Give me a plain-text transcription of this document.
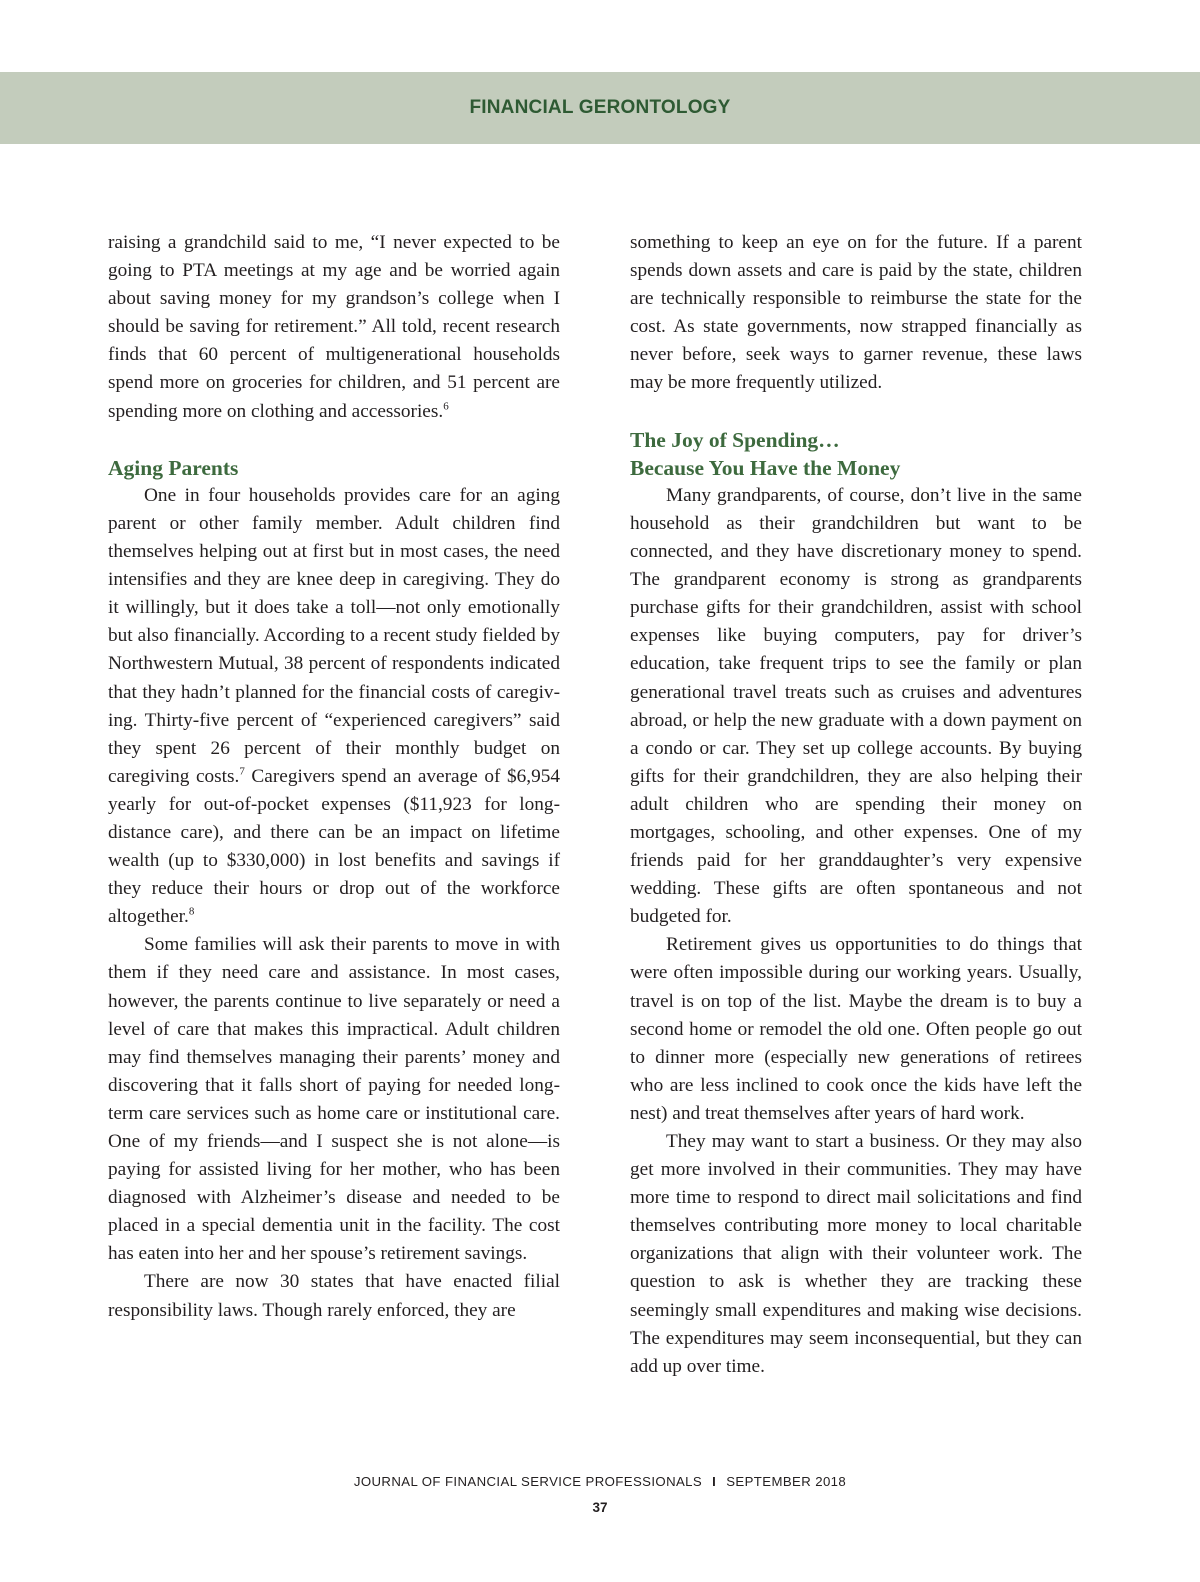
FINANCIAL GERONTOLOGY

raising a grandchild said to me, “I never expected to be going to PTA meetings at my age and be worried again about saving money for my grandson’s college when I should be saving for retirement.” All told, recent research finds that 60 percent of multigenerational households spend more on groceries for children, and 51 percent are spending more on clothing and accessories.$^6$

Aging Parents

One in four households provides care for an aging parent or other family member. Adult children find themselves helping out at first but in most cases, the need intensifies and they are knee deep in caregiving. They do it willingly, but it does take a toll—not only emotionally but also financially. According to a recent study fielded by Northwestern Mutual, 38 percent of respondents indicated that they hadn’t planned for the financial costs of caregiving. Thirty-five percent of “experienced caregivers” said they spent 26 percent of their monthly budget on caregiving costs.$^7$ Caregivers spend an average of $6,954 yearly for out-of-pocket expenses ($11,923 for long-distance care), and there can be an impact on lifetime wealth (up to $330,000) in lost benefits and savings if they reduce their hours or drop out of the workforce altogether.$^8$

Some families will ask their parents to move in with them if they need care and assistance. In most cases, however, the parents continue to live separately or need a level of care that makes this impractical. Adult children may find themselves managing their parents’ money and discovering that it falls short of paying for needed long-term care services such as home care or institutional care. One of my friends—and I suspect she is not alone—is paying for assisted living for her mother, who has been diagnosed with Alzheimer’s disease and needed to be placed in a special dementia unit in the facility. The cost has eaten into her and her spouse’s retirement savings.

There are now 30 states that have enacted filial responsibility laws. Though rarely enforced, they are

something to keep an eye on for the future. If a parent spends down assets and care is paid by the state, children are technically responsible to reimburse the state for the cost. As state governments, now strapped financially as never before, seek ways to garner revenue, these laws may be more frequently utilized.

The Joy of Spending…
Because You Have the Money

Many grandparents, of course, don’t live in the same household as their grandchildren but want to be connected, and they have discretionary money to spend. The grandparent economy is strong as grandparents purchase gifts for their grandchildren, assist with school expenses like buying computers, pay for driver’s education, take frequent trips to see the family or plan generational travel treats such as cruises and adventures abroad, or help the new graduate with a down payment on a condo or car. They set up college accounts. By buying gifts for their grandchildren, they are also helping their adult children who are spending their money on mortgages, schooling, and other expenses. One of my friends paid for her granddaughter’s very expensive wedding. These gifts are often spontaneous and not budgeted for.

Retirement gives us opportunities to do things that were often impossible during our working years. Usually, travel is on top of the list. Maybe the dream is to buy a second home or remodel the old one. Often people go out to dinner more (especially new generations of retirees who are less inclined to cook once the kids have left the nest) and treat themselves after years of hard work.

They may want to start a business. Or they may also get more involved in their communities. They may have more time to respond to direct mail solicitations and find themselves contributing more money to local charitable organizations that align with their volunteer work. The question to ask is whether they are tracking these seemingly small expenditures and making wise decisions. The expenditures may seem inconsequential, but they can add up over time.

JOURNAL OF FINANCIAL SERVICE PROFESSIONALS I SEPTEMBER 2018
37
